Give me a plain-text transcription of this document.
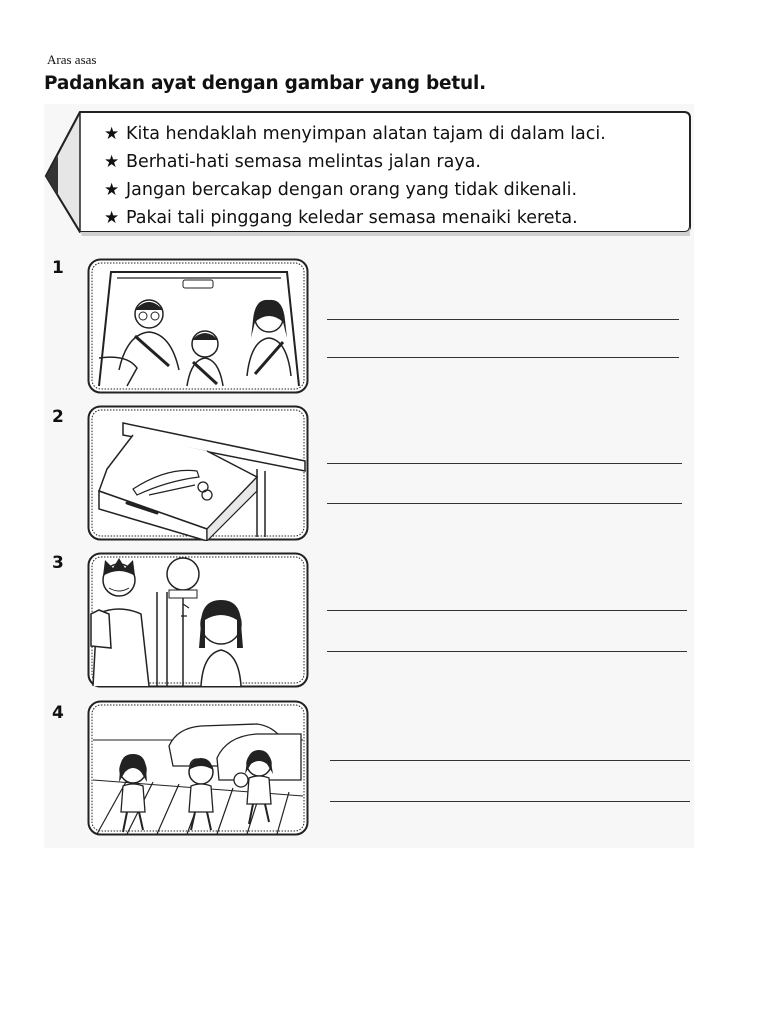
Aras asas
Padankan ayat dengan gambar yang betul.
★ Kita hendaklah menyimpan alatan tajam di dalam laci.
★ Berhati-hati semasa melintas jalan raya.
★ Jangan bercakap dengan orang yang tidak dikenali.
★ Pakai tali pinggang keledar semasa menaiki kereta.
1
2
3
4
